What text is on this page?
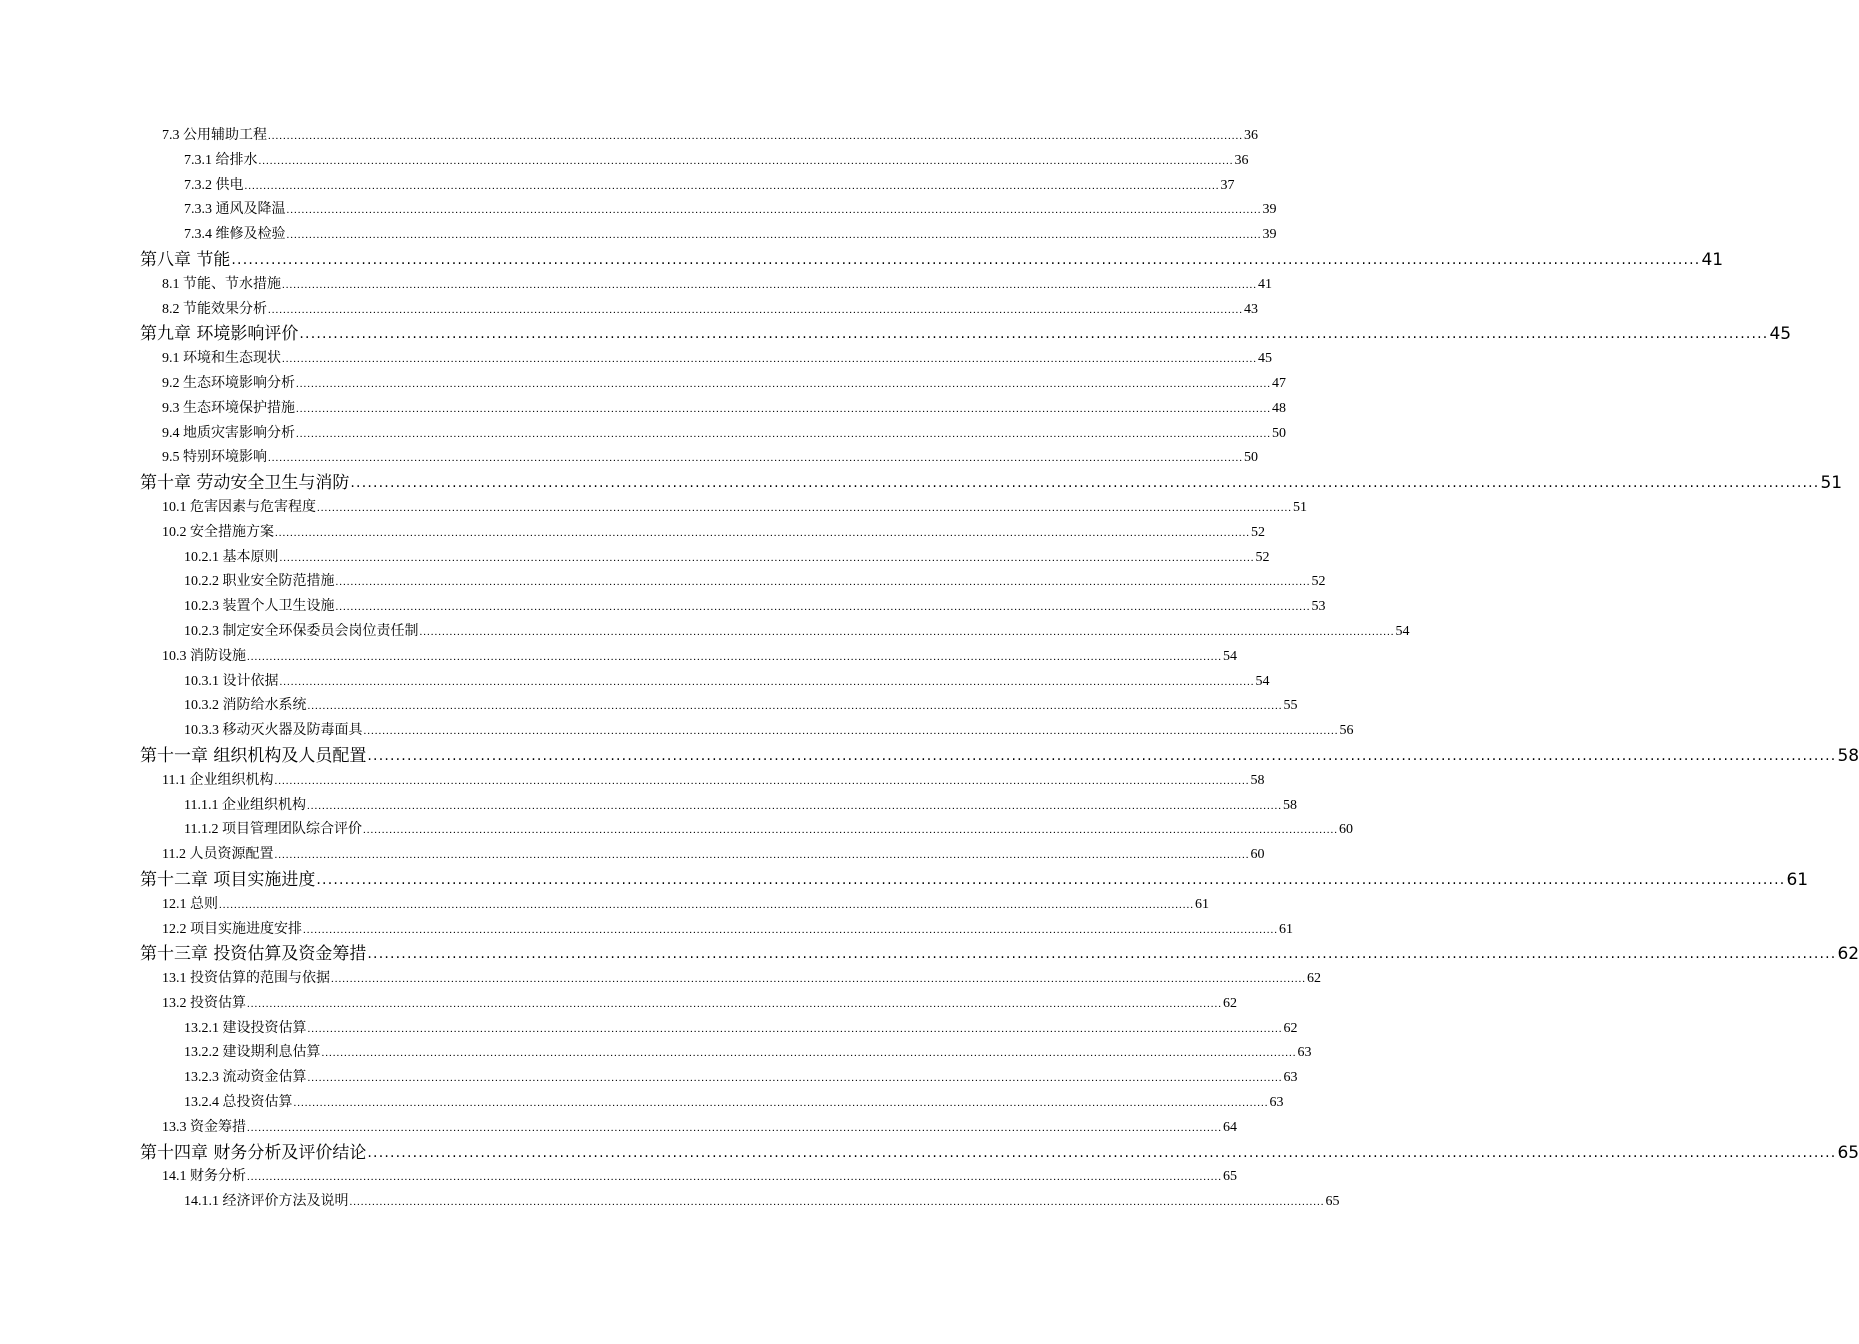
7.3 公用辅助工程 .................................................................................................................................................................................................................................................................... 36
7.3.1 给排水 .................................................................................................................................................................................................................................................................... 36
7.3.2 供电 .................................................................................................................................................................................................................................................................... 37
7.3.3 通风及降温 .................................................................................................................................................................................................................................................................... 39
7.3.4 维修及检验 .................................................................................................................................................................................................................................................................... 39
第八章 节能 .................................................................................................................................................................................................................................................................... 41
8.1 节能、节水措施 .................................................................................................................................................................................................................................................................... 41
8.2 节能效果分析 .................................................................................................................................................................................................................................................................... 43
第九章 环境影响评价 .................................................................................................................................................................................................................................................................... 45
9.1 环境和生态现状 .................................................................................................................................................................................................................................................................... 45
9.2 生态环境影响分析 .................................................................................................................................................................................................................................................................... 47
9.3 生态环境保护措施 .................................................................................................................................................................................................................................................................... 48
9.4 地质灾害影响分析 .................................................................................................................................................................................................................................................................... 50
9.5 特别环境影响 .................................................................................................................................................................................................................................................................... 50
第十章 劳动安全卫生与消防 .................................................................................................................................................................................................................................................................... 51
10.1 危害因素与危害程度 .................................................................................................................................................................................................................................................................... 51
10.2 安全措施方案 .................................................................................................................................................................................................................................................................... 52
10.2.1 基本原则 .................................................................................................................................................................................................................................................................... 52
10.2.2 职业安全防范措施 .................................................................................................................................................................................................................................................................... 52
10.2.3 装置个人卫生设施 .................................................................................................................................................................................................................................................................... 53
10.2.3 制定安全环保委员会岗位责任制 .................................................................................................................................................................................................................................................................... 54
10.3 消防设施 .................................................................................................................................................................................................................................................................... 54
10.3.1 设计依据 .................................................................................................................................................................................................................................................................... 54
10.3.2 消防给水系统 .................................................................................................................................................................................................................................................................... 55
10.3.3 移动灭火器及防毒面具 .................................................................................................................................................................................................................................................................... 56
第十一章 组织机构及人员配置 .................................................................................................................................................................................................................................................................... 58
11.1 企业组织机构 .................................................................................................................................................................................................................................................................... 58
11.1.1 企业组织机构 .................................................................................................................................................................................................................................................................... 58
11.1.2 项目管理团队综合评价 .................................................................................................................................................................................................................................................................... 60
11.2 人员资源配置 .................................................................................................................................................................................................................................................................... 60
第十二章 项目实施进度 .................................................................................................................................................................................................................................................................... 61
12.1 总则 .................................................................................................................................................................................................................................................................... 61
12.2 项目实施进度安排 .................................................................................................................................................................................................................................................................... 61
第十三章 投资估算及资金筹措 .................................................................................................................................................................................................................................................................... 62
13.1 投资估算的范围与依据 .................................................................................................................................................................................................................................................................... 62
13.2 投资估算 .................................................................................................................................................................................................................................................................... 62
13.2.1 建设投资估算 .................................................................................................................................................................................................................................................................... 62
13.2.2 建设期利息估算 .................................................................................................................................................................................................................................................................... 63
13.2.3 流动资金估算 .................................................................................................................................................................................................................................................................... 63
13.2.4 总投资估算 .................................................................................................................................................................................................................................................................... 63
13.3 资金筹措 .................................................................................................................................................................................................................................................................... 64
第十四章 财务分析及评价结论 .................................................................................................................................................................................................................................................................... 65
14.1 财务分析 .................................................................................................................................................................................................................................................................... 65
14.1.1 经济评价方法及说明 .................................................................................................................................................................................................................................................................... 65
